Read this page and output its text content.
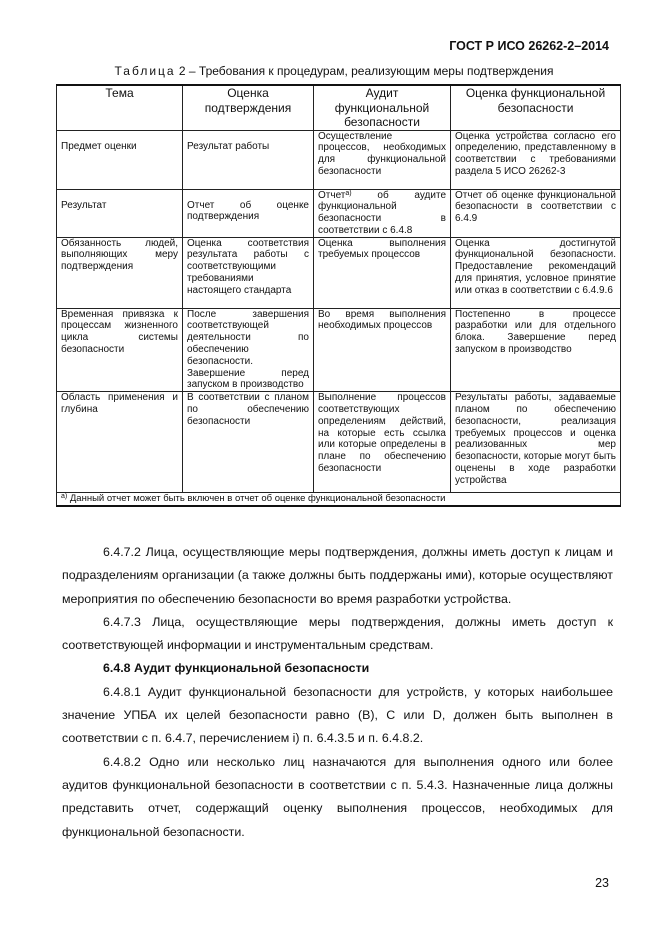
ГОСТ Р ИСО 26262-2–2014
Таблица 2 – Требования к процедурам, реализующим меры подтверждения
Тема	Оценка подтверждения	Аудит функциональной безопасности	Оценка функциональной безопасности

Предмет оценки	Результат работы	Осуществление процессов, необходимых для функциональной безопасности	Оценка устройства согласно его определению, представленному в соответствии с требованиями раздела 5 ИСО 26262-3

Результат	Отчет об оценке подтверждения	Отчет$^{а)}$ об аудите функциональной безопасности в соответствии с 6.4.8	Отчет об оценке функциональной безопасности в соответствии с 6.4.9
Обязанность людей, выполняющих меру подтверждения	Оценка соответствия результата работы с соответствующими требованиями настоящего стандарта	Оценка выполнения требуемых процессов	Оценка достигнутой функциональной безопасности. Предоставление рекомендаций для принятия, условное принятие или отказ в соответствии с 6.4.9.6
Временная привязка к процессам жизненного цикла системы безопасности	После завершения соответствующей деятельности по обеспечению безопасности. Завершение перед запуском в производство	Во время выполнения необходимых процессов	Постепенно в процессе разработки или для отдельного блока. Завершение перед запуском в производство
Область применения и глубина	В соответствии с планом по обеспечению безопасности	Выполнение процессов соответствующих определениям действий, на которые есть ссылка или которые определены в плане по обеспечению безопасности	Результаты работы, задаваемые планом по обеспечению безопасности, реализация требуемых процессов и оценка реализованных мер безопасности, которые могут быть оценены в ходе разработки устройства
$^{а)}$ Данный отчет может быть включен в отчет об оценке функциональной безопасности			

6.4.7.2 Лица, осуществляющие меры подтверждения, должны иметь доступ к лицам и подразделениям организации (а также должны быть поддержаны ими), которые осуществляют мероприятия по обеспечению безопасности во время разработки устройства.

6.4.7.3 Лица, осуществляющие меры подтверждения, должны иметь доступ к соответствующей информации и инструментальным средствам.

6.4.8 Аудит функциональной безопасности

6.4.8.1 Аудит функциональной безопасности для устройств, у которых наибольшее значение УПБА их целей безопасности равно (B), C или D, должен быть выполнен в соответствии с п. 6.4.7, перечислением i) п. 6.4.3.5 и п. 6.4.8.2.

6.4.8.2 Одно или несколько лиц назначаются для выполнения одного или более аудитов функциональной безопасности в соответствии с п. 5.4.3. Назначенные лица должны представить отчет, содержащий оценку выполнения процессов, необходимых для функциональной безопасности.

23
